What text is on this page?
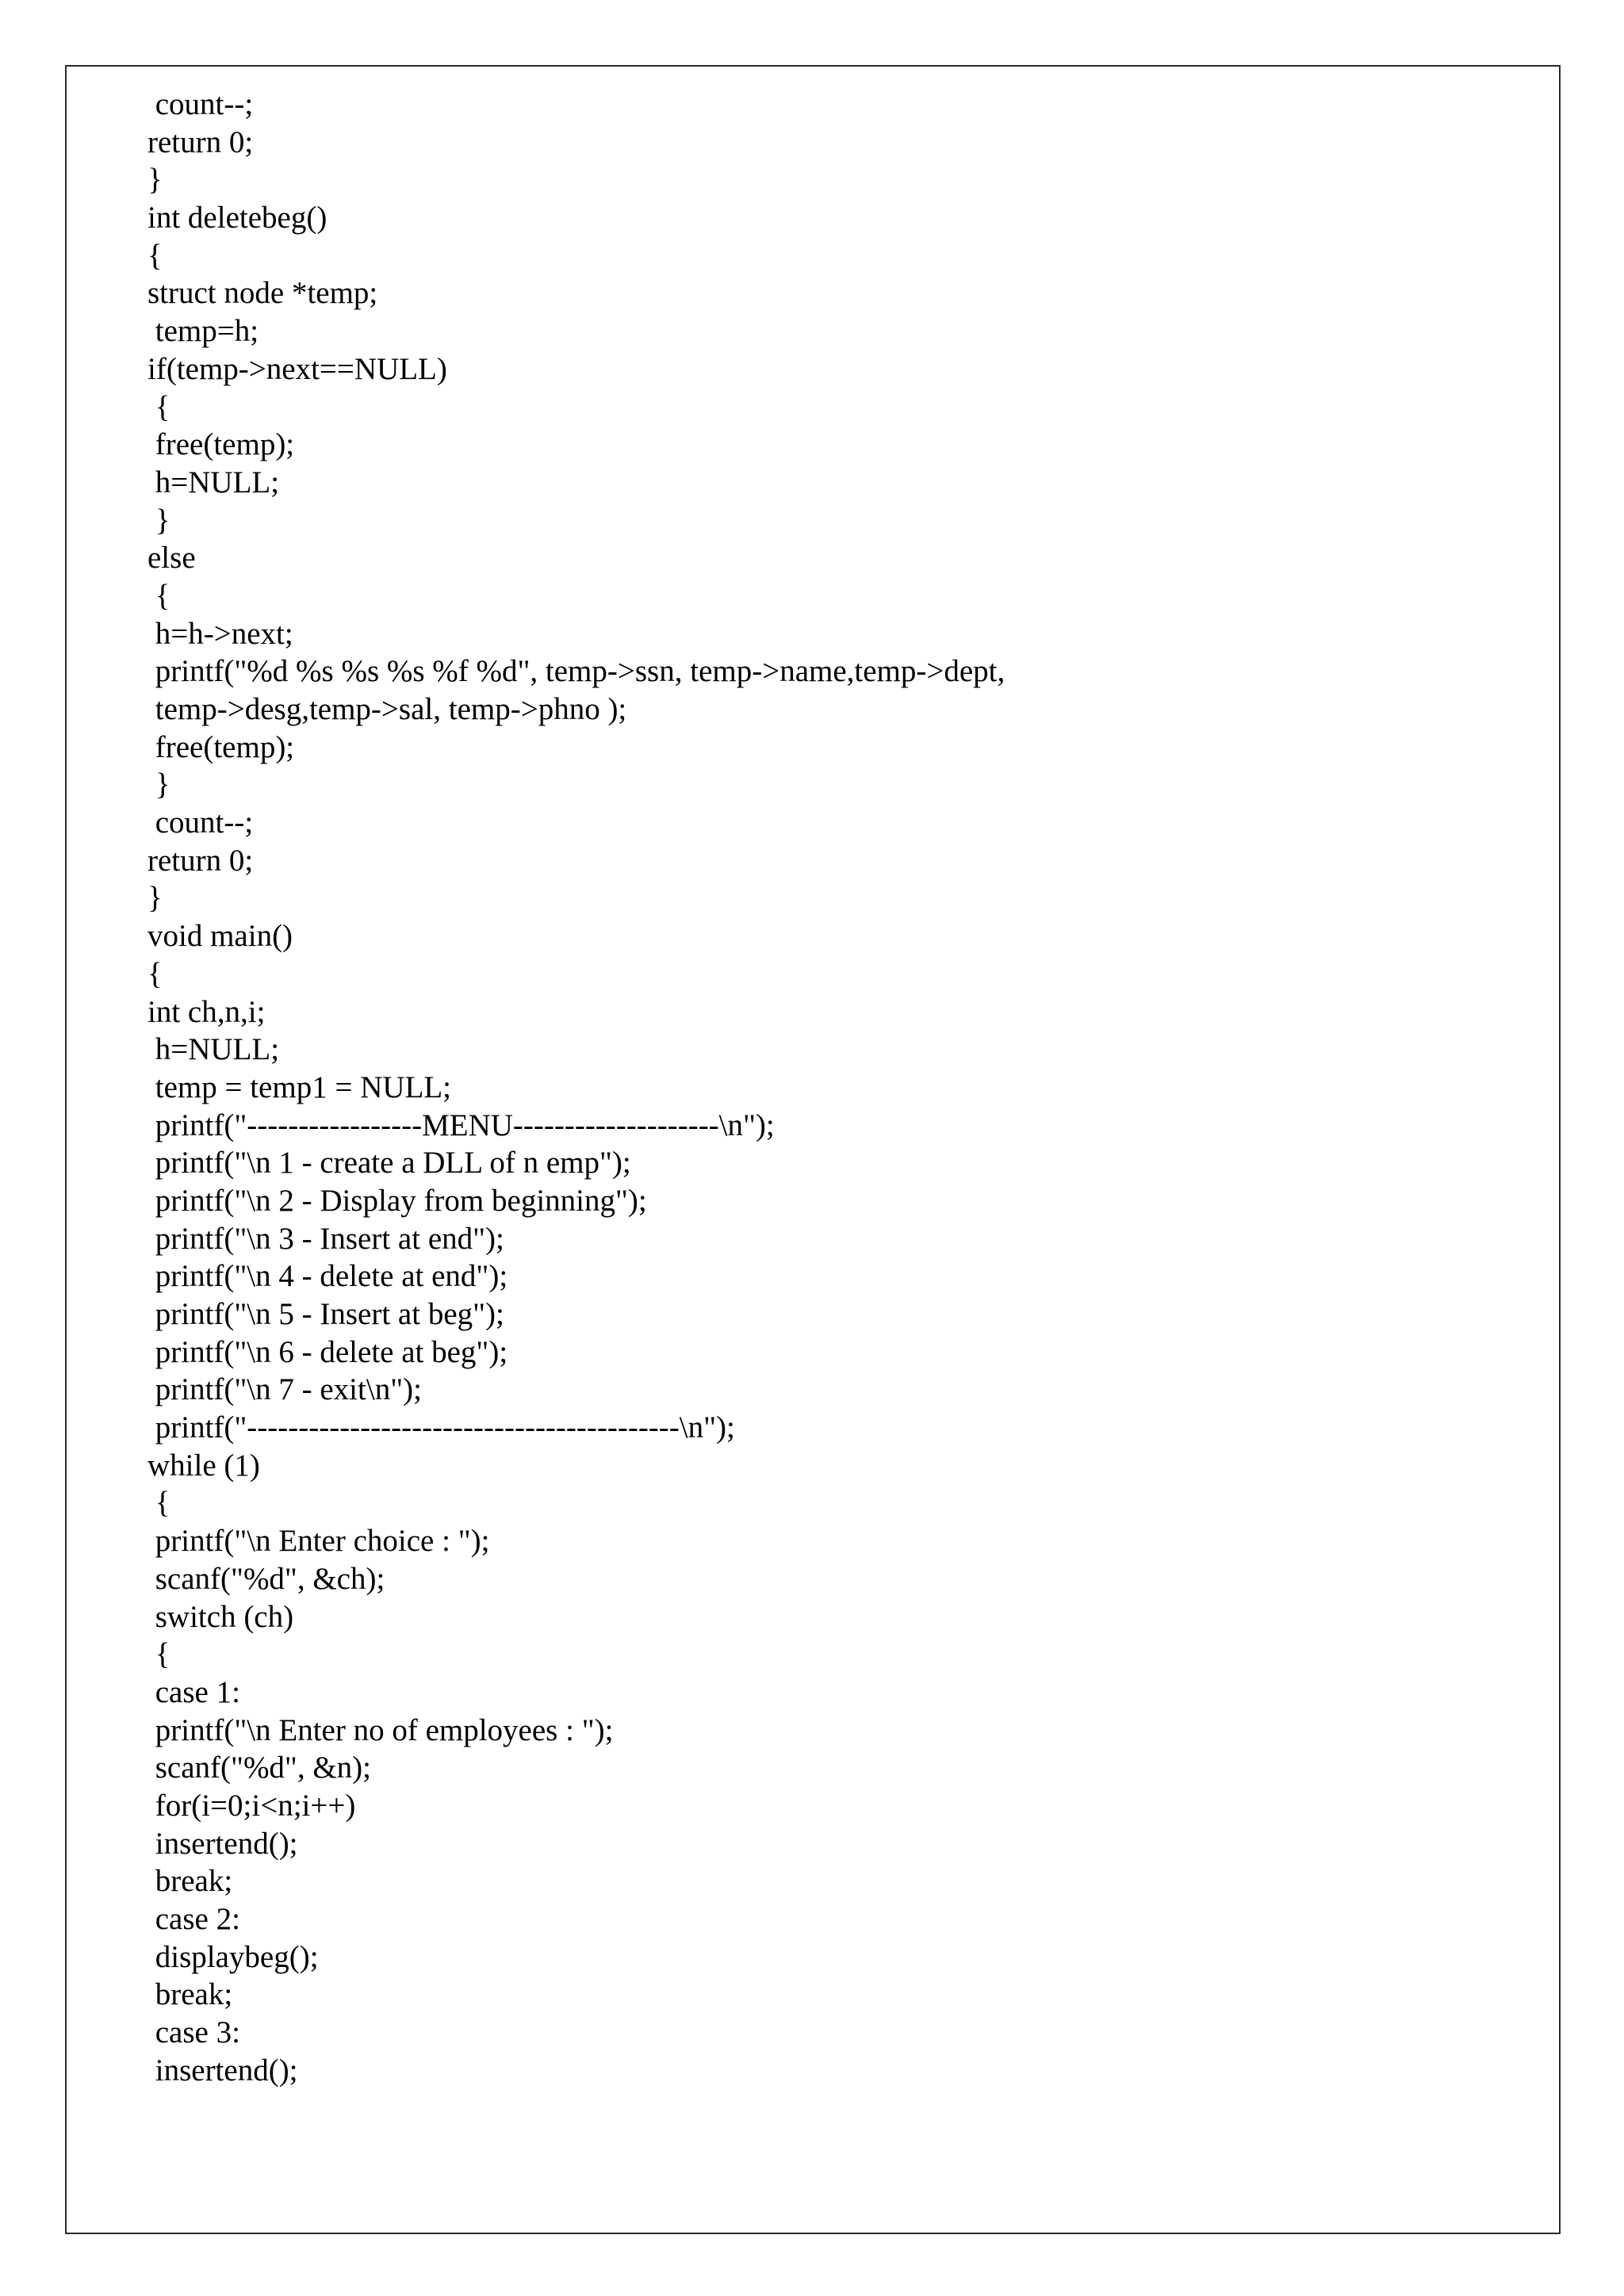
count--;
return 0;
}
int deletebeg()
{
struct node *temp;
temp=h;
if(temp->next==NULL)
{
free(temp);
h=NULL;
}
else
{
h=h->next;
printf("%d %s %s %s %f %d", temp->ssn, temp->name,temp->dept,
temp->desg,temp->sal, temp->phno );
free(temp);
}
count--;
return 0;
}
void main()
{
int ch,n,i;
h=NULL;
temp = temp1 = NULL;
printf("-----------------MENU--------------------\n");
printf("\n 1 - create a DLL of n emp");
printf("\n 2 - Display from beginning");
printf("\n 3 - Insert at end");
printf("\n 4 - delete at end");
printf("\n 5 - Insert at beg");
printf("\n 6 - delete at beg");
printf("\n 7 - exit\n");
printf("------------------------------------------\n");
while (1)
{
printf("\n Enter choice : ");
scanf("%d", &ch);
switch (ch)
{
case 1:
printf("\n Enter no of employees : ");
scanf("%d", &n);
for(i=0;i<n;i++)
insertend();
break;
case 2:
displaybeg();
break;
case 3:
insertend();
